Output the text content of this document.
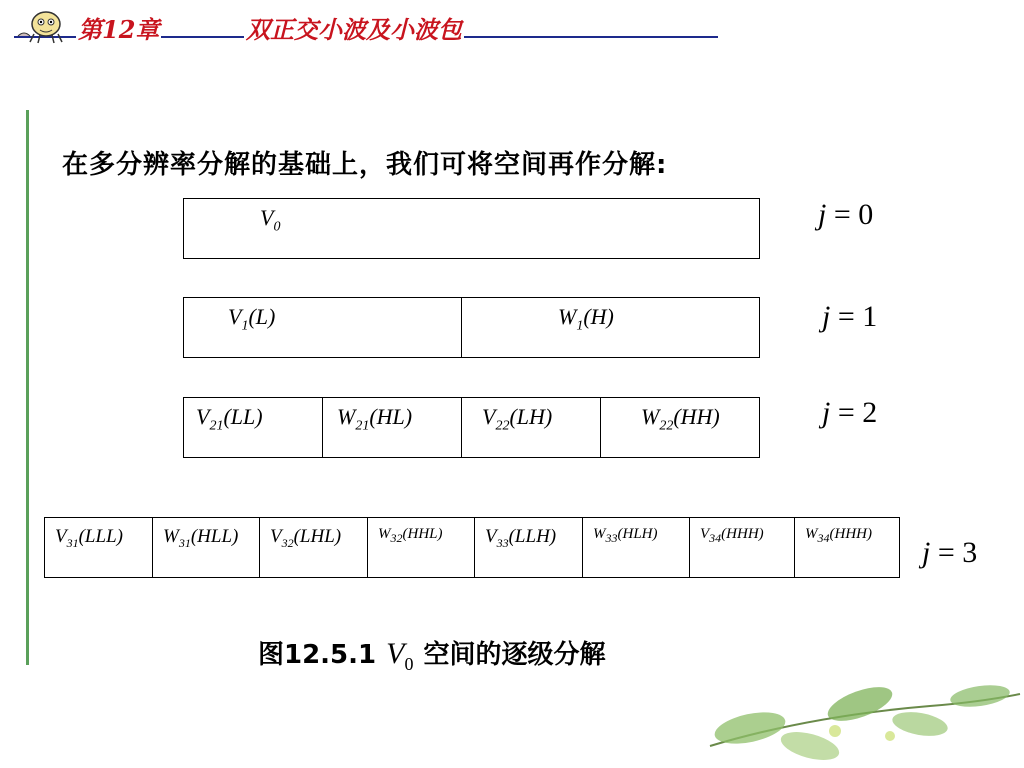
第12章	双正交小波及小波包
在多分辨率分解的基础上，我们可将空间再作分解:
$V_0$	j = 0
$V_1(L)$	$W_1(H)$	j = 1
$V_{21}(LL)$	$W_{21}(HL)$	$V_{22}(LH)$	$W_{22}(HH)$	j = 2
$V_{31}(LLL)$	$W_{31}(HLL)$	$V_{32}(LHL)$	$W_{32}(HHL)$	$V_{33}(LLH)$	$W_{33}(HLH)$	$V_{34}(HHH)$	$W_{34}(HHH)$
j = 3
图12.5.1 $V_0$ 空间的逐级分解
